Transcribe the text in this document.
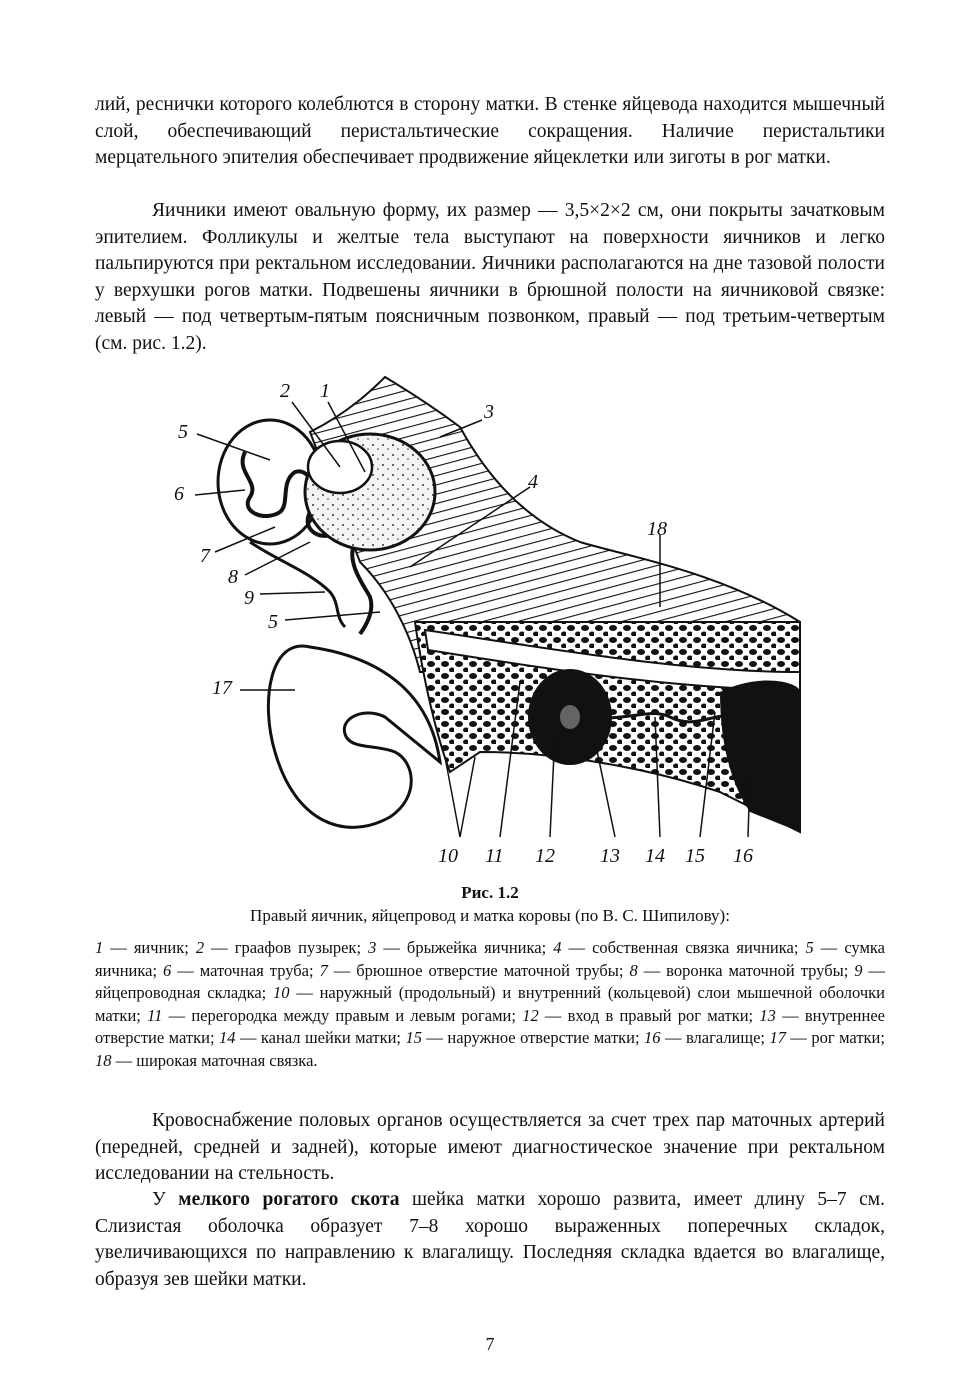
лий, реснички которого колеблются в сторону матки. В стенке яйцевода находится мышечный слой, обеспечивающий перистальтические сокращения. Наличие перистальтики мерцательного эпителия обеспечивает продвижение яйцеклетки или зиготы в рог матки.

Яичники имеют овальную форму, их размер — 3,5×2×2 см, они покрыты зачатковым эпителием. Фолликулы и желтые тела выступают на поверхности яичников и легко пальпируются при ректальном исследовании. Яичники располагаются на дне тазовой полости у верхушки рогов матки. Подвешены яичники в брюшной полости на яичниковой связке: левый — под четвертым-пятым поясничным позвонком, правый — под третьим-четвертым (см. рис. 1.2).

2 1
3
5
6
4
7
8
9
5
18
17
10 11 12 13 14 15 16

Рис. 1.2

Правый яичник, яйцепровод и матка коровы (по В. С. Шипилову):

1 — яичник; 2 — граафов пузырек; 3 — брыжейка яичника; 4 — собственная связка яичника; 5 — сумка яичника; 6 — маточная труба; 7 — брюшное отверстие маточной трубы; 8 — воронка маточной трубы; 9 — яйцепроводная складка; 10 — наружный (продольный) и внутренний (кольцевой) слои мышечной оболочки матки; 11 — перегородка между правым и левым рогами; 12 — вход в правый рог матки; 13 — внутреннее отверстие матки; 14 — канал шейки матки; 15 — наружное отверстие матки; 16 — влагалище; 17 — рог матки; 18 — широкая маточная связка.

Кровоснабжение половых органов осуществляется за счет трех пар маточных артерий (передней, средней и задней), которые имеют диагностическое значение при ректальном исследовании на стельность.

У мелкого рогатого скота шейка матки хорошо развита, имеет длину 5–7 см. Слизистая оболочка образует 7–8 хорошо выраженных поперечных складок, увеличивающихся по направлению к влагалищу. Последняя складка вдается во влагалище, образуя зев шейки матки.

7
